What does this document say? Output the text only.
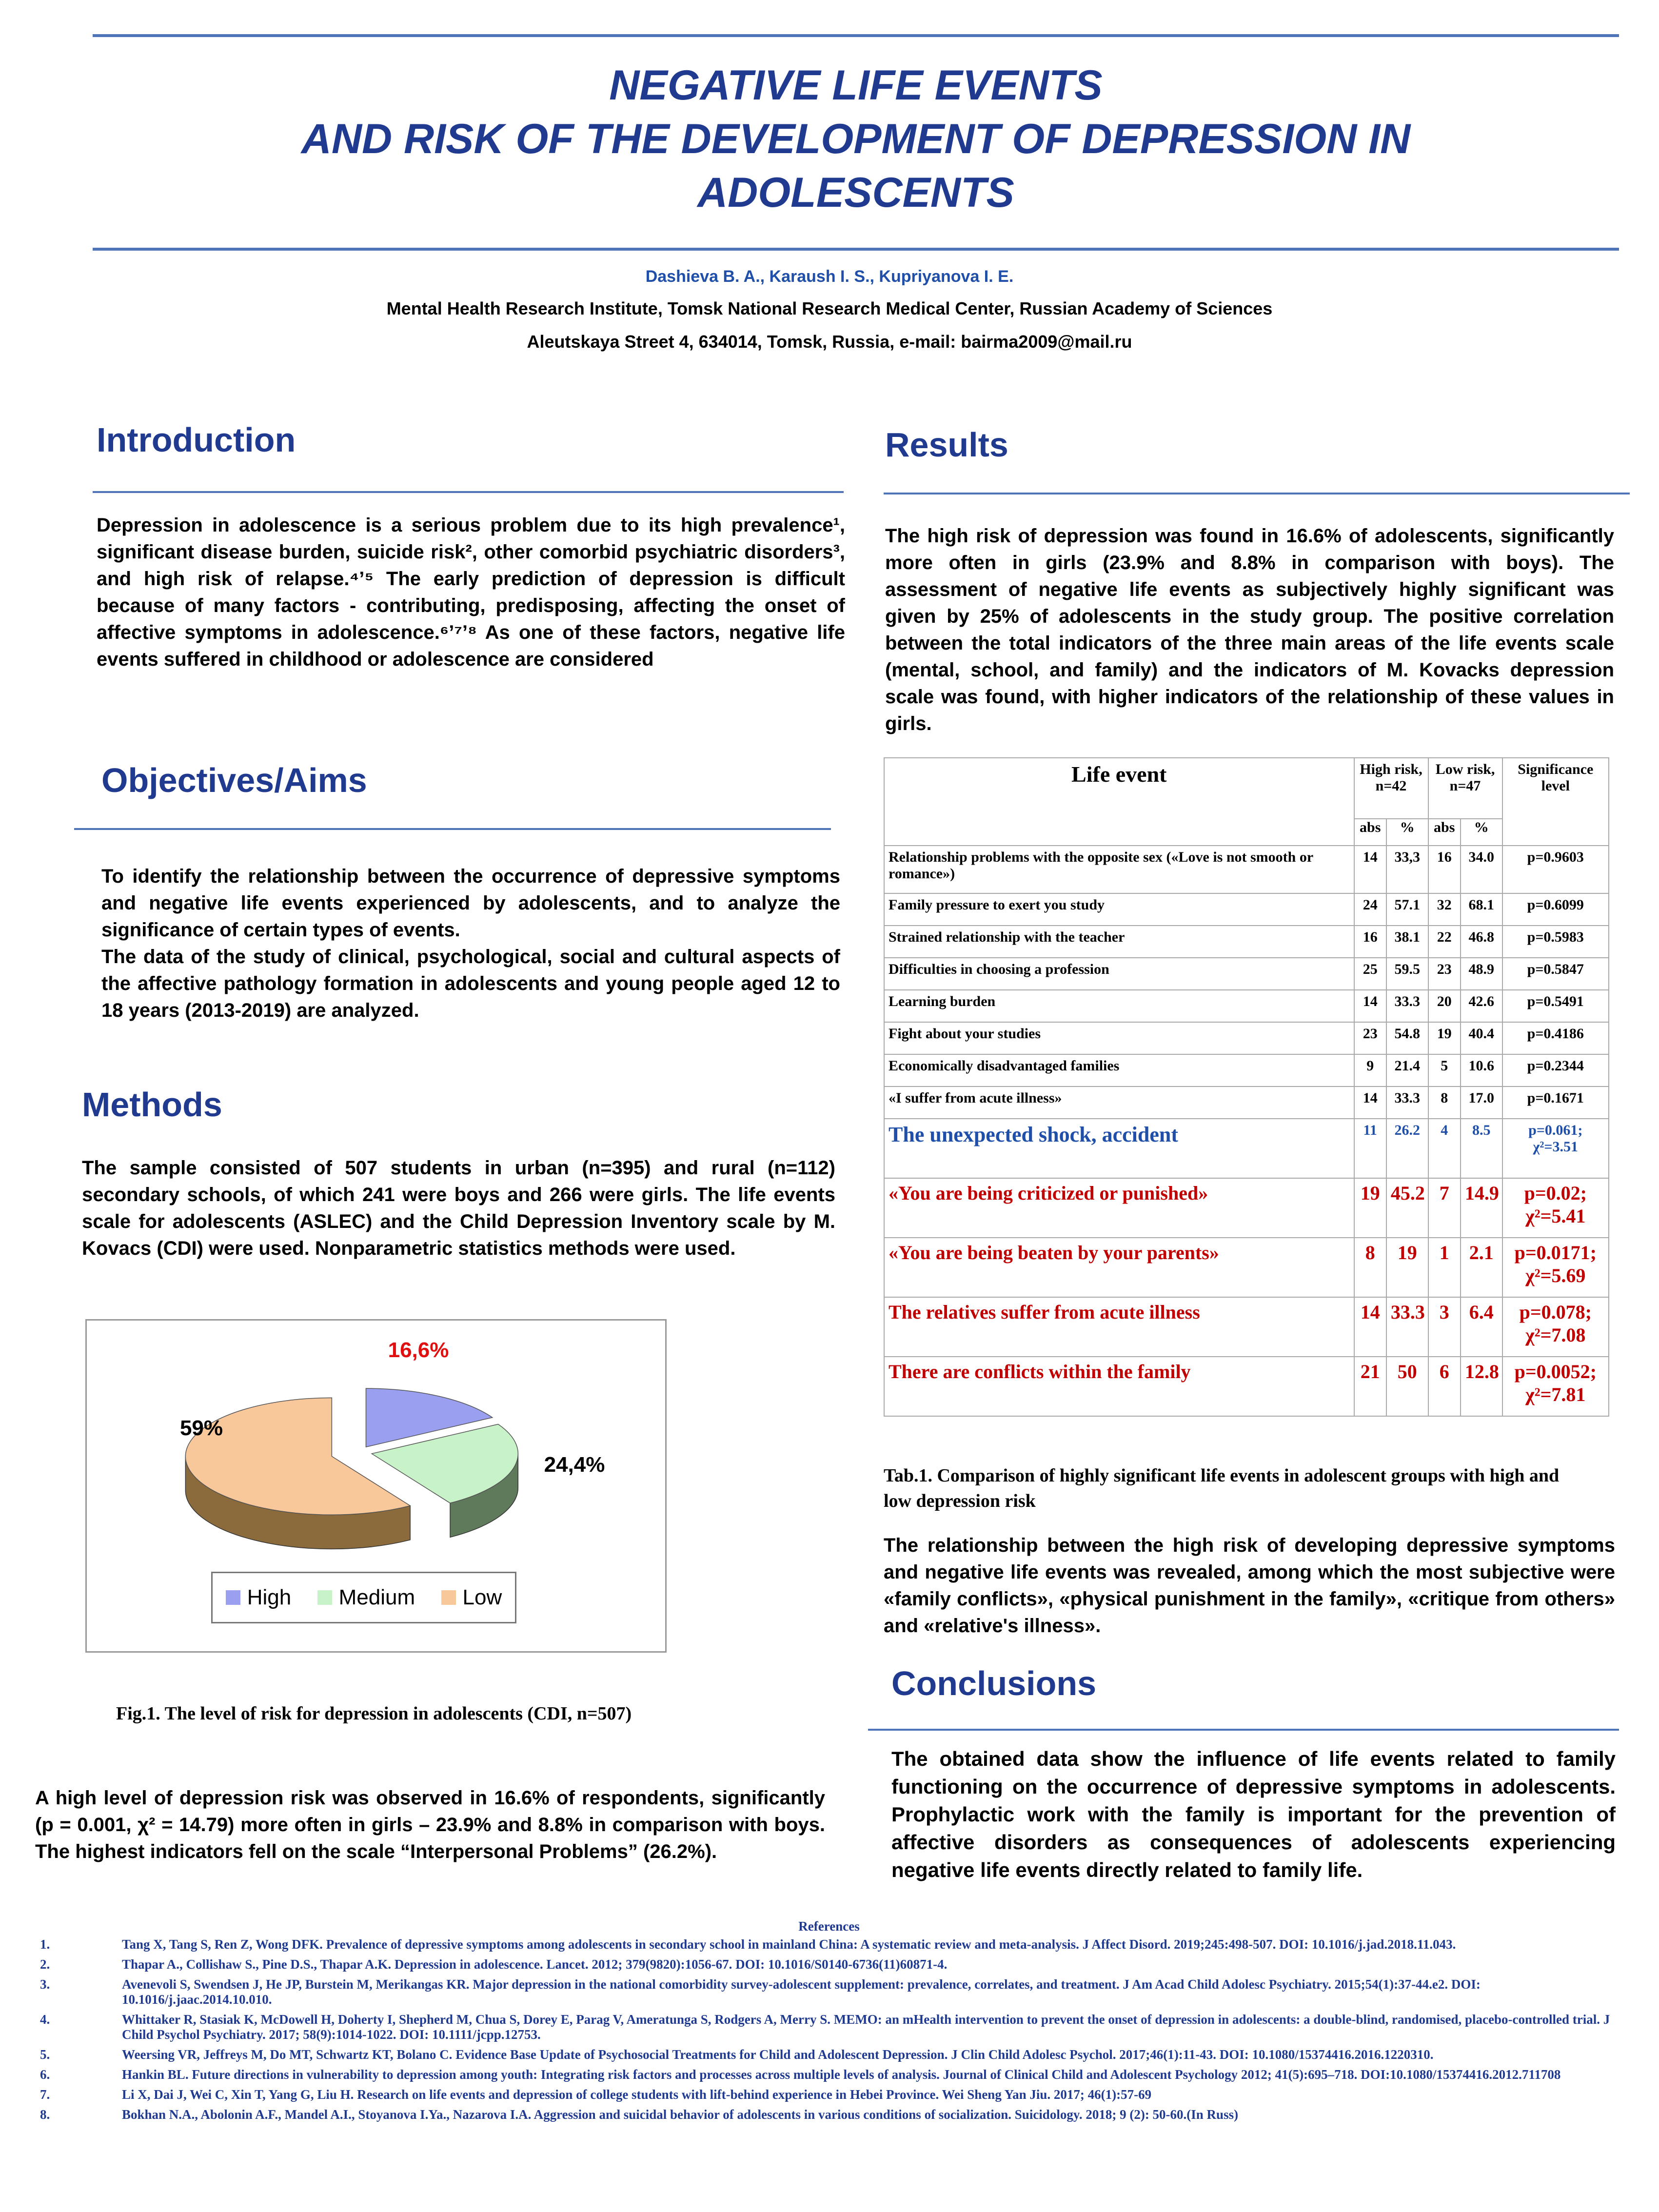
NEGATIVE LIFE EVENTS
AND RISK OF THE DEVELOPMENT OF DEPRESSION IN
ADOLESCENTS
Dashieva B. A., Karaush I. S., Kupriyanova I. E.
Mental Health Research Institute, Tomsk National Research Medical Center, Russian Academy of Sciences
Aleutskaya Street 4, 634014, Tomsk, Russia, e-mail: bairma2009@mail.ru
Introduction
Depression in adolescence is a serious problem due to its high prevalence¹, significant disease burden, suicide risk², other comorbid psychiatric disorders³, and high risk of relapse.⁴ʼ⁵ The early prediction of depression is difficult because of many factors - contributing, predisposing, affecting the onset of affective symptoms in adolescence.⁶ʼ⁷ʼ⁸ As one of these factors, negative life events suffered in childhood or adolescence are considered
Objectives/Aims
To identify the relationship between the occurrence of depressive symptoms and negative life events experienced by adolescents, and to analyze the significance of certain types of events.
The data of the study of clinical, psychological, social and cultural aspects of the affective pathology formation in adolescents and young people aged 12 to 18 years (2013-2019) are analyzed.
Methods
The sample consisted of 507 students in urban (n=395) and rural (n=112) secondary schools, of which 241 were boys and 266 were girls. The life events scale for adolescents (ASLEC) and the Child Depression Inventory scale by M. Kovacs (CDI) were used. Nonparametric statistics methods were used.
16,6%
24,4%
59%
High Medium Low
Fig.1. The level of risk for depression in adolescents (CDI, n=507)
A high level of depression risk was observed in 16.6% of respondents, significantly (p = 0.001, χ² = 14.79) more often in girls – 23.9% and 8.8% in comparison with boys. The highest indicators fell on the scale “Interpersonal Problems” (26.2%).
Results
The high risk of depression was found in 16.6% of adolescents, significantly more often in girls (23.9% and 8.8% in comparison with boys). The assessment of negative life events as subjectively highly significant was given by 25% of adolescents in the study group. The positive correlation between the total indicators of the three main areas of the life events scale (mental, school, and family) and the indicators of M. Kovacks depression scale was found, with higher indicators of the relationship of these values in girls.
Life event	High risk, n=42		Low risk, n=47		Significance level
	abs	%	abs	%	
Relationship problems with the opposite sex («Love is not smooth or romance»)	14	33,3	16	34.0	p=0.9603

Family pressure to exert you study	24	57.1	32	68.1	p=0.6099

Strained relationship with the teacher	16	38.1	22	46.8	p=0.5983

Difficulties in choosing a profession	25	59.5	23	48.9	p=0.5847

Learning burden	14	33.3	20	42.6	p=0.5491

Fight about your studies	23	54.8	19	40.4	p=0.4186

Economically disadvantaged families	9	21.4	5	10.6	p=0.2344

«I suffer from acute illness»	14	33.3	8	17.0	p=0.1671

The unexpected shock, accident	11	26.2	4	8.5	p=0.061;
χ²=3.51

«You are being criticized or punished»	19	45.2	7	14.9	p=0.02;
χ²=5.41

«You are being beaten by your parents»	8	19	1	2.1	p=0.0171;
χ²=5.69

The relatives suffer from acute illness	14	33.3	3	6.4	p=0.078;
χ²=7.08

There are conflicts within the family	21	50	6	12.8	p=0.0052;
χ²=7.81
Tab.1. Comparison of highly significant life events in adolescent groups with high and low depression risk
The relationship between the high risk of developing depressive symptoms and negative life events was revealed, among which the most subjective were «family conflicts», «physical punishment in the family», «critique from others» and «relative's illness».
Conclusions
The obtained data show the influence of life events related to family functioning on the occurrence of depressive symptoms in adolescents. Prophylactic work with the family is important for the prevention of affective disorders as consequences of adolescents experiencing negative life events directly related to family life.
References
1.	Tang X, Tang S, Ren Z, Wong DFK. Prevalence of depressive symptoms among adolescents in secondary school in mainland China: A systematic review and meta-analysis. J Affect Disord. 2019;245:498-507. DOI: 10.1016/j.jad.2018.11.043.
2.	Thapar A., Collishaw S., Pine D.S., Thapar A.K. Depression in adolescence. Lancet. 2012; 379(9820):1056-67. DOI: 10.1016/S0140-6736(11)60871-4.
3.	Avenevoli S, Swendsen J, He JP, Burstein M, Merikangas KR. Major depression in the national comorbidity survey-adolescent supplement: prevalence, correlates, and treatment. J Am Acad Child Adolesc Psychiatry. 2015;54(1):37-44.e2. DOI: 10.1016/j.jaac.2014.10.010.
4.	Whittaker R, Stasiak K, McDowell H, Doherty I, Shepherd M, Chua S, Dorey E, Parag V, Ameratunga S, Rodgers A, Merry S. MEMO: an mHealth intervention to prevent the onset of depression in adolescents: a double-blind, randomised, placebo-controlled trial. J Child Psychol Psychiatry. 2017; 58(9):1014-1022. DOI: 10.1111/jcpp.12753.
5.	Weersing VR, Jeffreys M, Do MT, Schwartz KT, Bolano C. Evidence Base Update of Psychosocial Treatments for Child and Adolescent Depression. J Clin Child Adolesc Psychol. 2017;46(1):11-43. DOI: 10.1080/15374416.2016.1220310.
6.	Hankin BL. Future directions in vulnerability to depression among youth: Integrating risk factors and processes across multiple levels of analysis. Journal of Clinical Child and Adolescent Psychology 2012; 41(5):695–718. DOI:10.1080/15374416.2012.711708
7.	Li X, Dai J, Wei C, Xin T, Yang G, Liu H. Research on life events and depression of college students with lift-behind experience in Hebei Province. Wei Sheng Yan Jiu. 2017; 46(1):57-69
8.	Bokhan N.A., Abolonin A.F., Mandel A.I., Stoyanova I.Ya., Nazarova I.A. Aggression and suicidal behavior of adolescents in various conditions of socialization. Suicidology. 2018; 9 (2): 50-60.(In Russ)
